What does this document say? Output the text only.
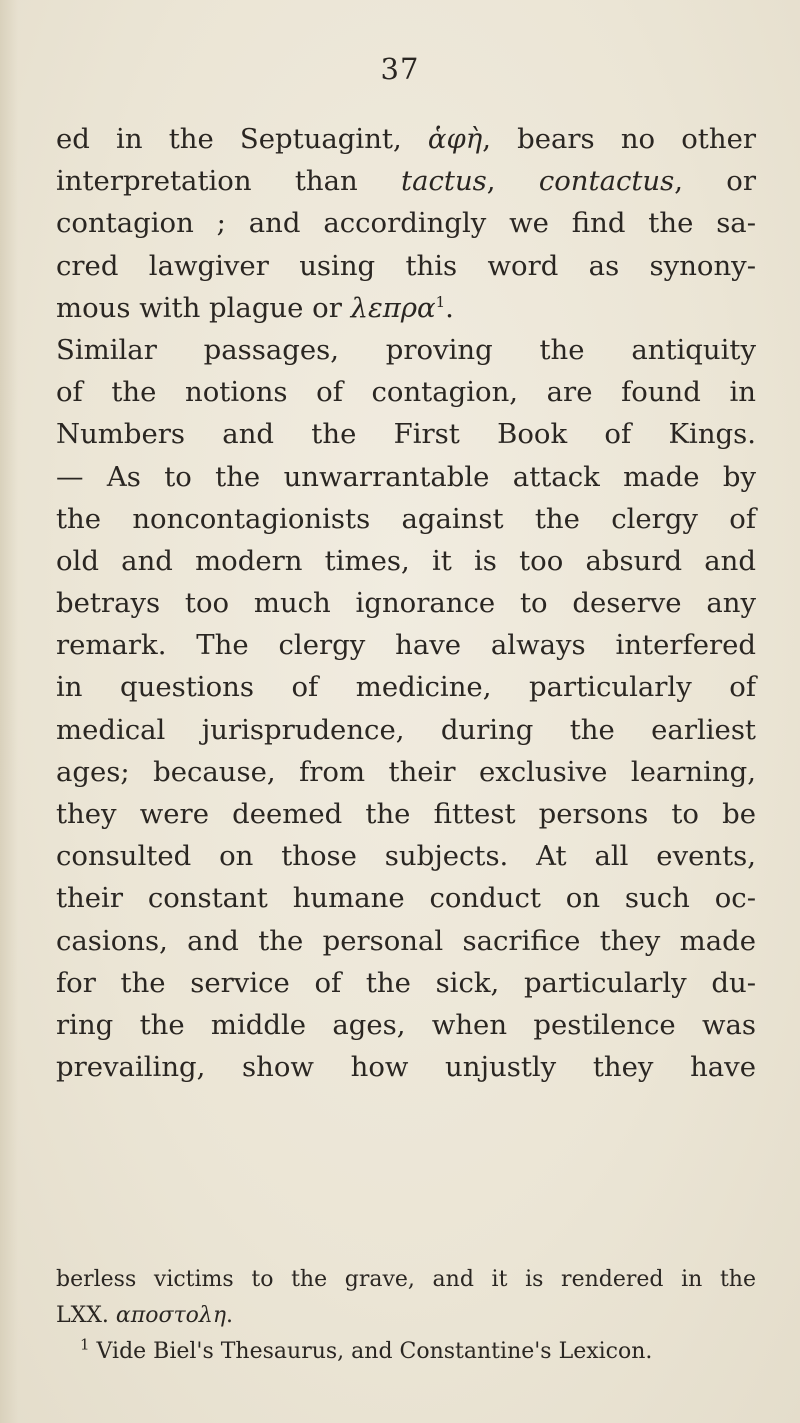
37
ed in the Septuagint, ἁφὴ, bears no other
interpretation than tactus, contactus, or
contagion ; and accordingly we find the sa-
cred lawgiver using this word as synony-
mous with plague or λεπρα$^1$.
Similar passages, proving the antiquity
of the notions of contagion, are found in
Numbers and the First Book of Kings.
— As to the unwarrantable attack made by
the noncontagionists against the clergy of
old and modern times, it is too absurd and
betrays too much ignorance to deserve any
remark. The clergy have always interfered
in questions of medicine, particularly of
medical jurisprudence, during the earliest
ages; because, from their exclusive learning,
they were deemed the fittest persons to be
consulted on those subjects. At all events,
their constant humane conduct on such oc-
casions, and the personal sacrifice they made
for the service of the sick, particularly du-
ring the middle ages, when pestilence was
prevailing, show how unjustly they have
berless victims to the grave, and it is rendered in the
LXX. αποστολη.
$^1$ Vide Biel's Thesaurus, and Constantine's Lexicon.
